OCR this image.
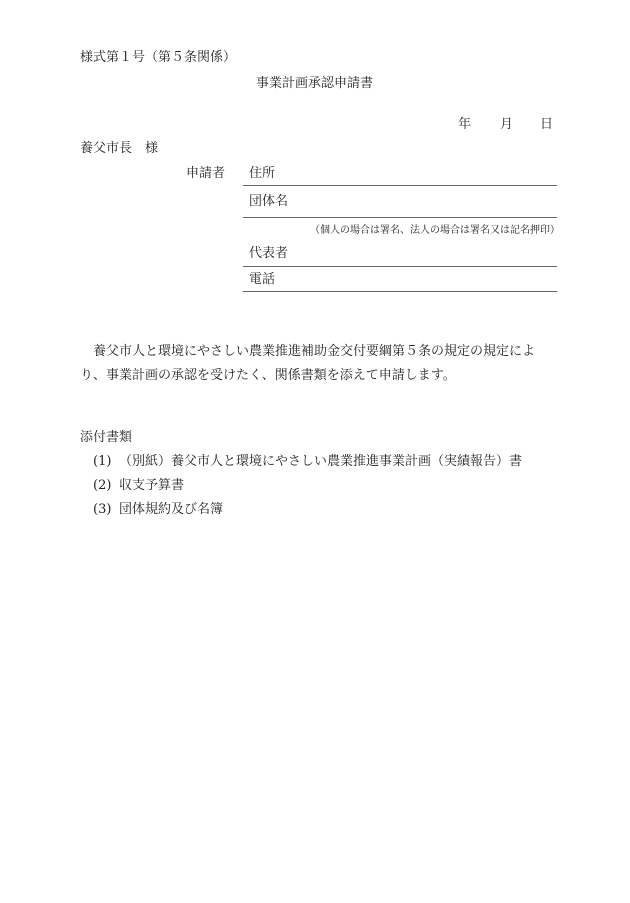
様式第１号（第５条関係）
事業計画承認申請書
年 月 日
養父市長　様
申請者 住所
団体名
（個人の場合は署名、法人の場合は署名又は記名押印）
代表者
電話
養父市人と環境にやさしい農業推進補助金交付要綱第５条の規定の規定によ
り、事業計画の承認を受けたく、関係書類を添えて申請します。
添付書類
(1) （別紙）養父市人と環境にやさしい農業推進事業計画（実績報告）書
(2) 収支予算書
(3) 団体規約及び名簿
